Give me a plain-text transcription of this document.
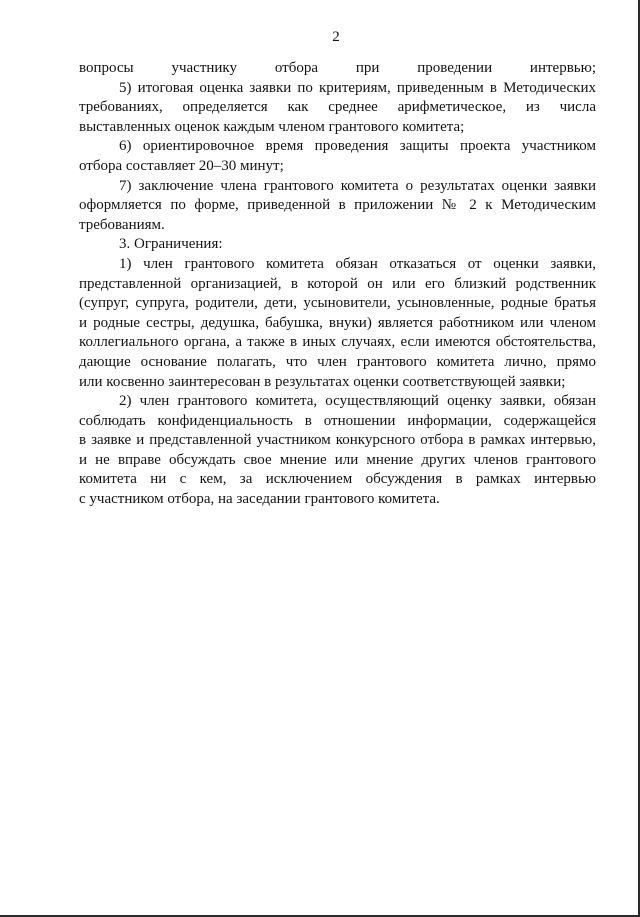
2
вопросы участнику отбора при проведении интервью;
5) итоговая оценка заявки по критериям, приведенным в Методических
требованиях, определяется как среднее арифметическое, из числа
выставленных оценок каждым членом грантового комитета;
6) ориентировочное время проведения защиты проекта участником
отбора составляет 20–30 минут;
7) заключение члена грантового комитета о результатах оценки заявки
оформляется по форме, приведенной в приложении № 2 к Методическим
требованиям.
3. Ограничения:
1) член грантового комитета обязан отказаться от оценки заявки,
представленной организацией, в которой он или его близкий родственник
(супруг, супруга, родители, дети, усыновители, усыновленные, родные братья
и родные сестры, дедушка, бабушка, внуки) является работником или членом
коллегиального органа, а также в иных случаях, если имеются обстоятельства,
дающие основание полагать, что член грантового комитета лично, прямо
или косвенно заинтересован в результатах оценки соответствующей заявки;
2) член грантового комитета, осуществляющий оценку заявки, обязан
соблюдать конфиденциальность в отношении информации, содержащейся
в заявке и представленной участником конкурсного отбора в рамках интервью,
и не вправе обсуждать свое мнение или мнение других членов грантового
комитета ни с кем, за исключением обсуждения в рамках интервью
с участником отбора, на заседании грантового комитета.
